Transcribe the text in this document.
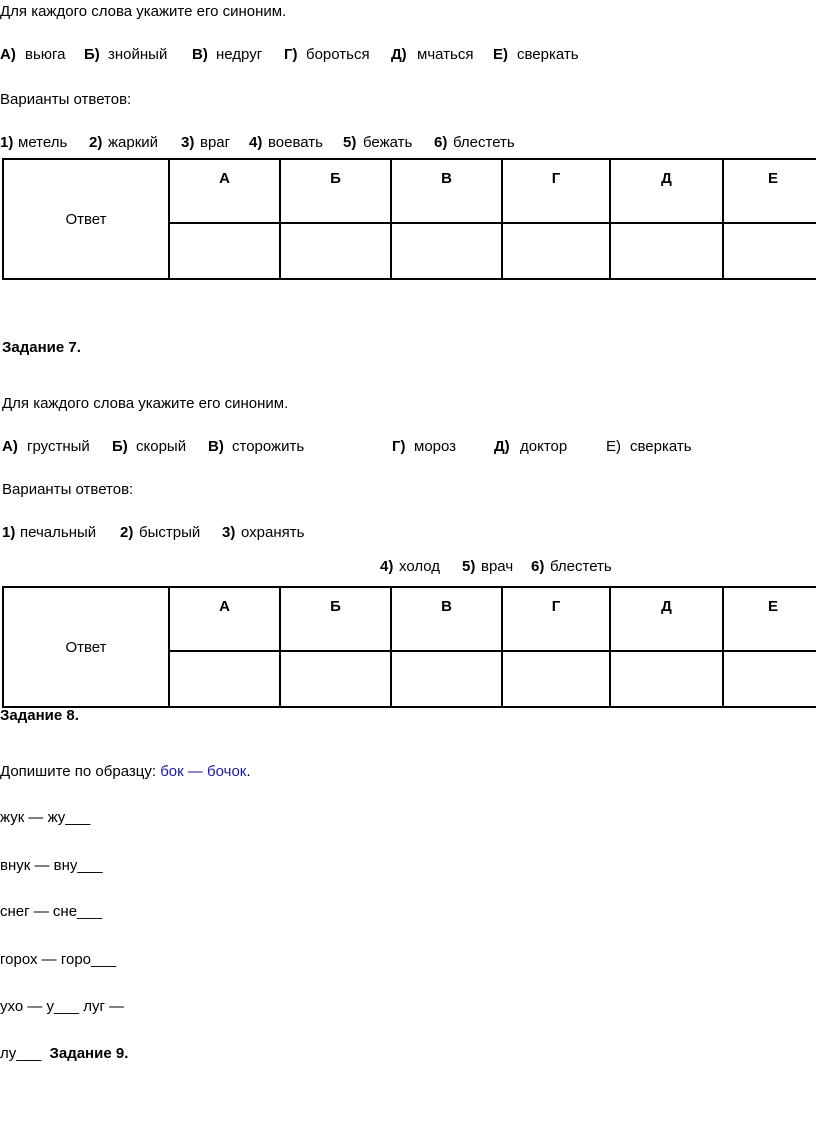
Для каждого слова укажите его синоним.
А) вьюга Б) знойный В) недруг Г) бороться Д) мчаться Е) сверкать
Варианты ответов:
1) метель 2) жаркий 3) враг 4) воевать 5) бежать 6) блестеть
Ответ	А	Б	В	Г	Д	Е

Задание 7.
Для каждого слова укажите его синоним.
А) грустный Б) скорый В) сторожить	Г) мороз	Д) доктор	Е) сверкать
Варианты ответов:
1) печальный 2) быстрый 3) охранять
4) холод 5) врач 6) блестеть
Ответ	А	Б	В	Г	Д	Е

Задание 8.
Допишите по образцу: бок — бочок.
жук — жу___
внук — вну___
снег — сне___
горох — горо___
ухо — у___ луг —
лу___ Задание 9.
